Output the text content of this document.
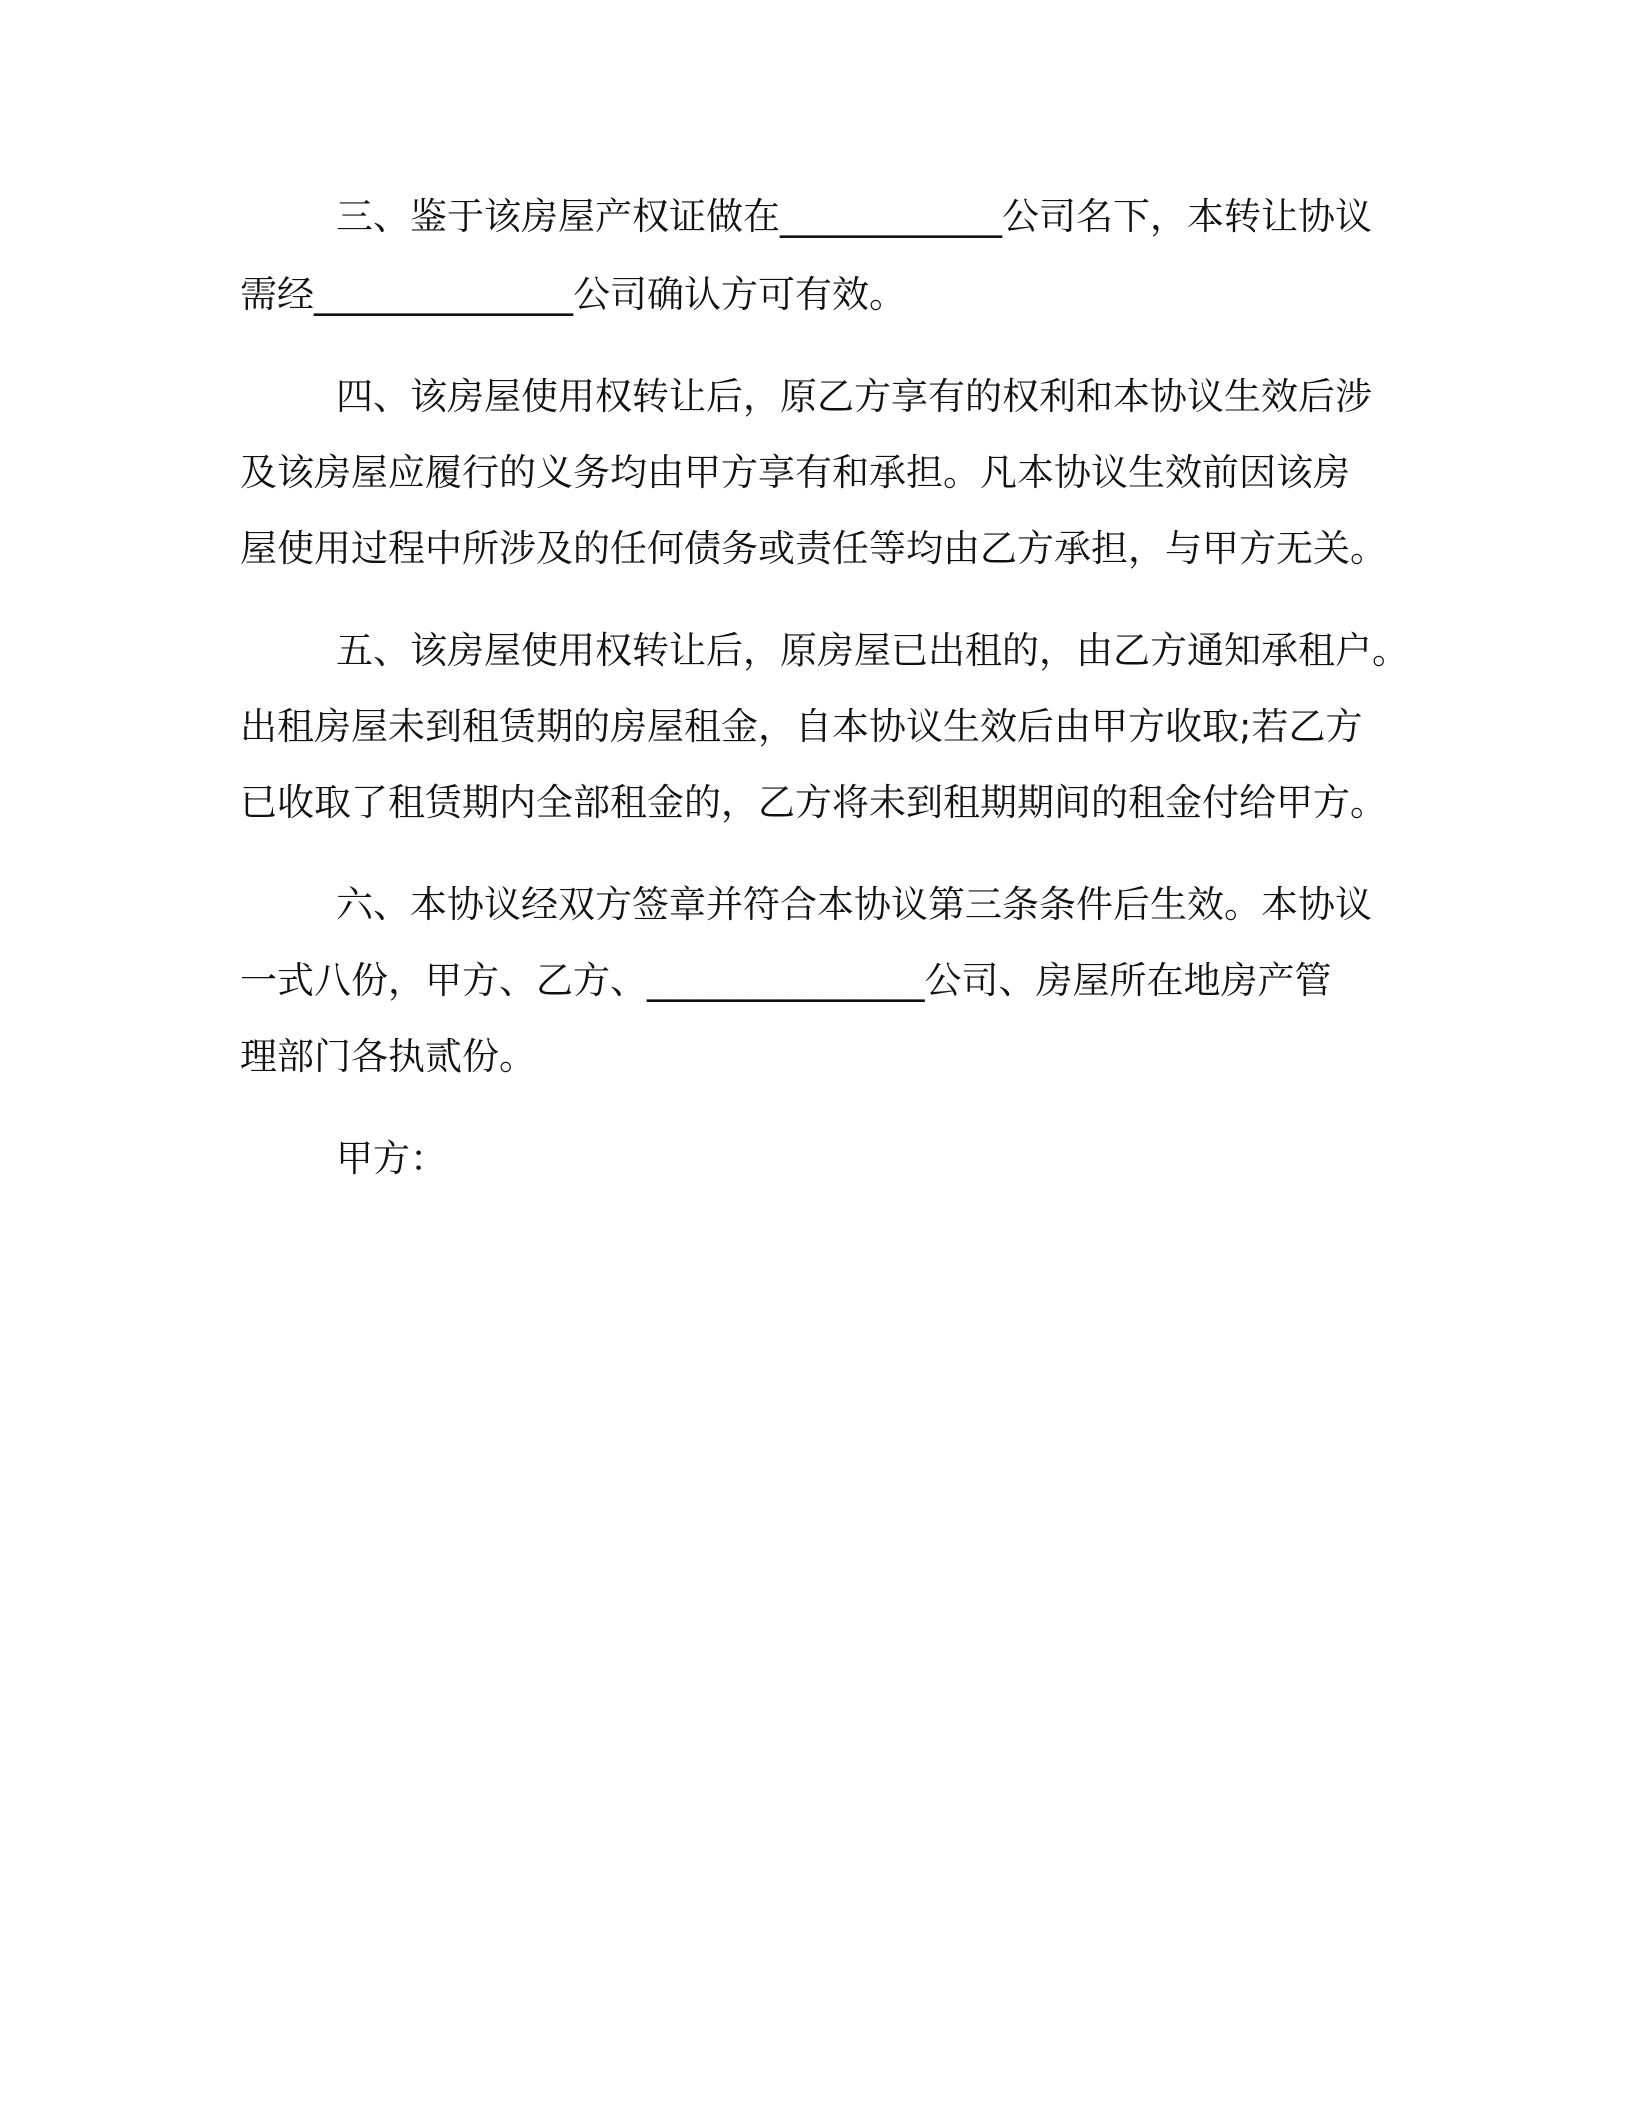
三、鉴于该房屋产权证做在____________公司名下，本转让协议
需经______________公司确认方可有效。
四、该房屋使用权转让后，原乙方享有的权利和本协议生效后涉
及该房屋应履行的义务均由甲方享有和承担。凡本协议生效前因该房
屋使用过程中所涉及的任何债务或责任等均由乙方承担，与甲方无关。
五、该房屋使用权转让后，原房屋已出租的，由乙方通知承租户。
出租房屋未到租赁期的房屋租金，自本协议生效后由甲方收取;若乙方
已收取了租赁期内全部租金的，乙方将未到租期期间的租金付给甲方。
六、本协议经双方签章并符合本协议第三条条件后生效。本协议
一式八份，甲方、乙方、_______________公司、房屋所在地房产管
理部门各执贰份。
甲方：
